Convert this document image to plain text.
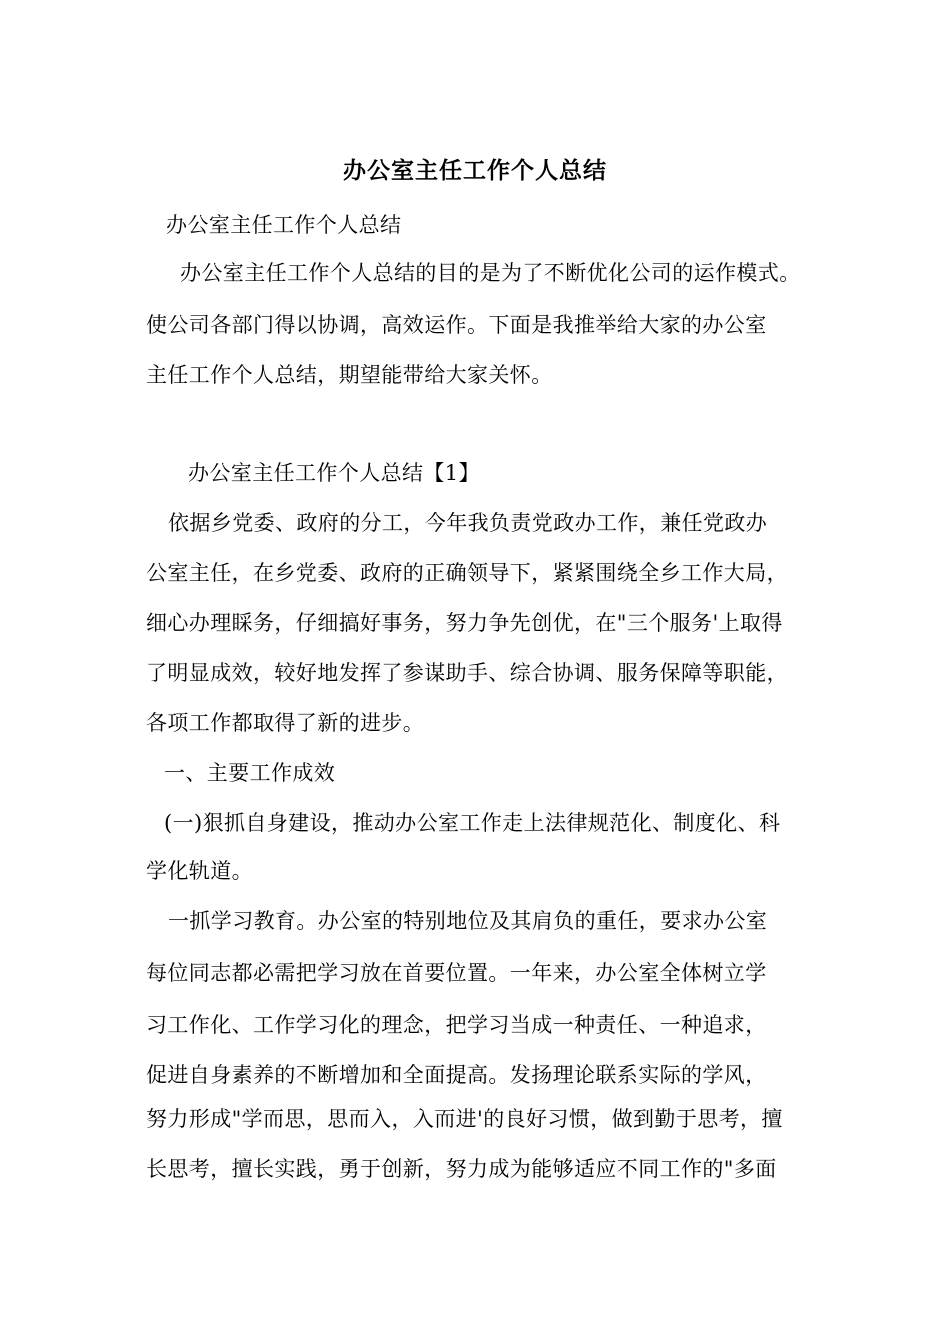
办公室主任工作个人总结
办公室主任工作个人总结
办公室主任工作个人总结的目的是为了不断优化公司的运作模式。
使公司各部门得以协调，高效运作。下面是我推举给大家的办公室
主任工作个人总结，期望能带给大家关怀。
办公室主任工作个人总结【1】
依据乡党委、政府的分工，今年我负责党政办工作，兼任党政办
公室主任，在乡党委、政府的正确领导下，紧紧围绕全乡工作大局，
细心办理睬务，仔细搞好事务，努力争先创优，在"三个服务'上取得
了明显成效，较好地发挥了参谋助手、综合协调、服务保障等职能，
各项工作都取得了新的进步。
一、主要工作成效
(一)狠抓自身建设，推动办公室工作走上法律规范化、制度化、科
学化轨道。
一抓学习教育。办公室的特别地位及其肩负的重任，要求办公室
每位同志都必需把学习放在首要位置。一年来，办公室全体树立学
习工作化、工作学习化的理念，把学习当成一种责任、一种追求，
促进自身素养的不断增加和全面提高。发扬理论联系实际的学风，
努力形成"学而思，思而入，入而进'的良好习惯，做到勤于思考，擅
长思考，擅长实践，勇于创新，努力成为能够适应不同工作的"多面
